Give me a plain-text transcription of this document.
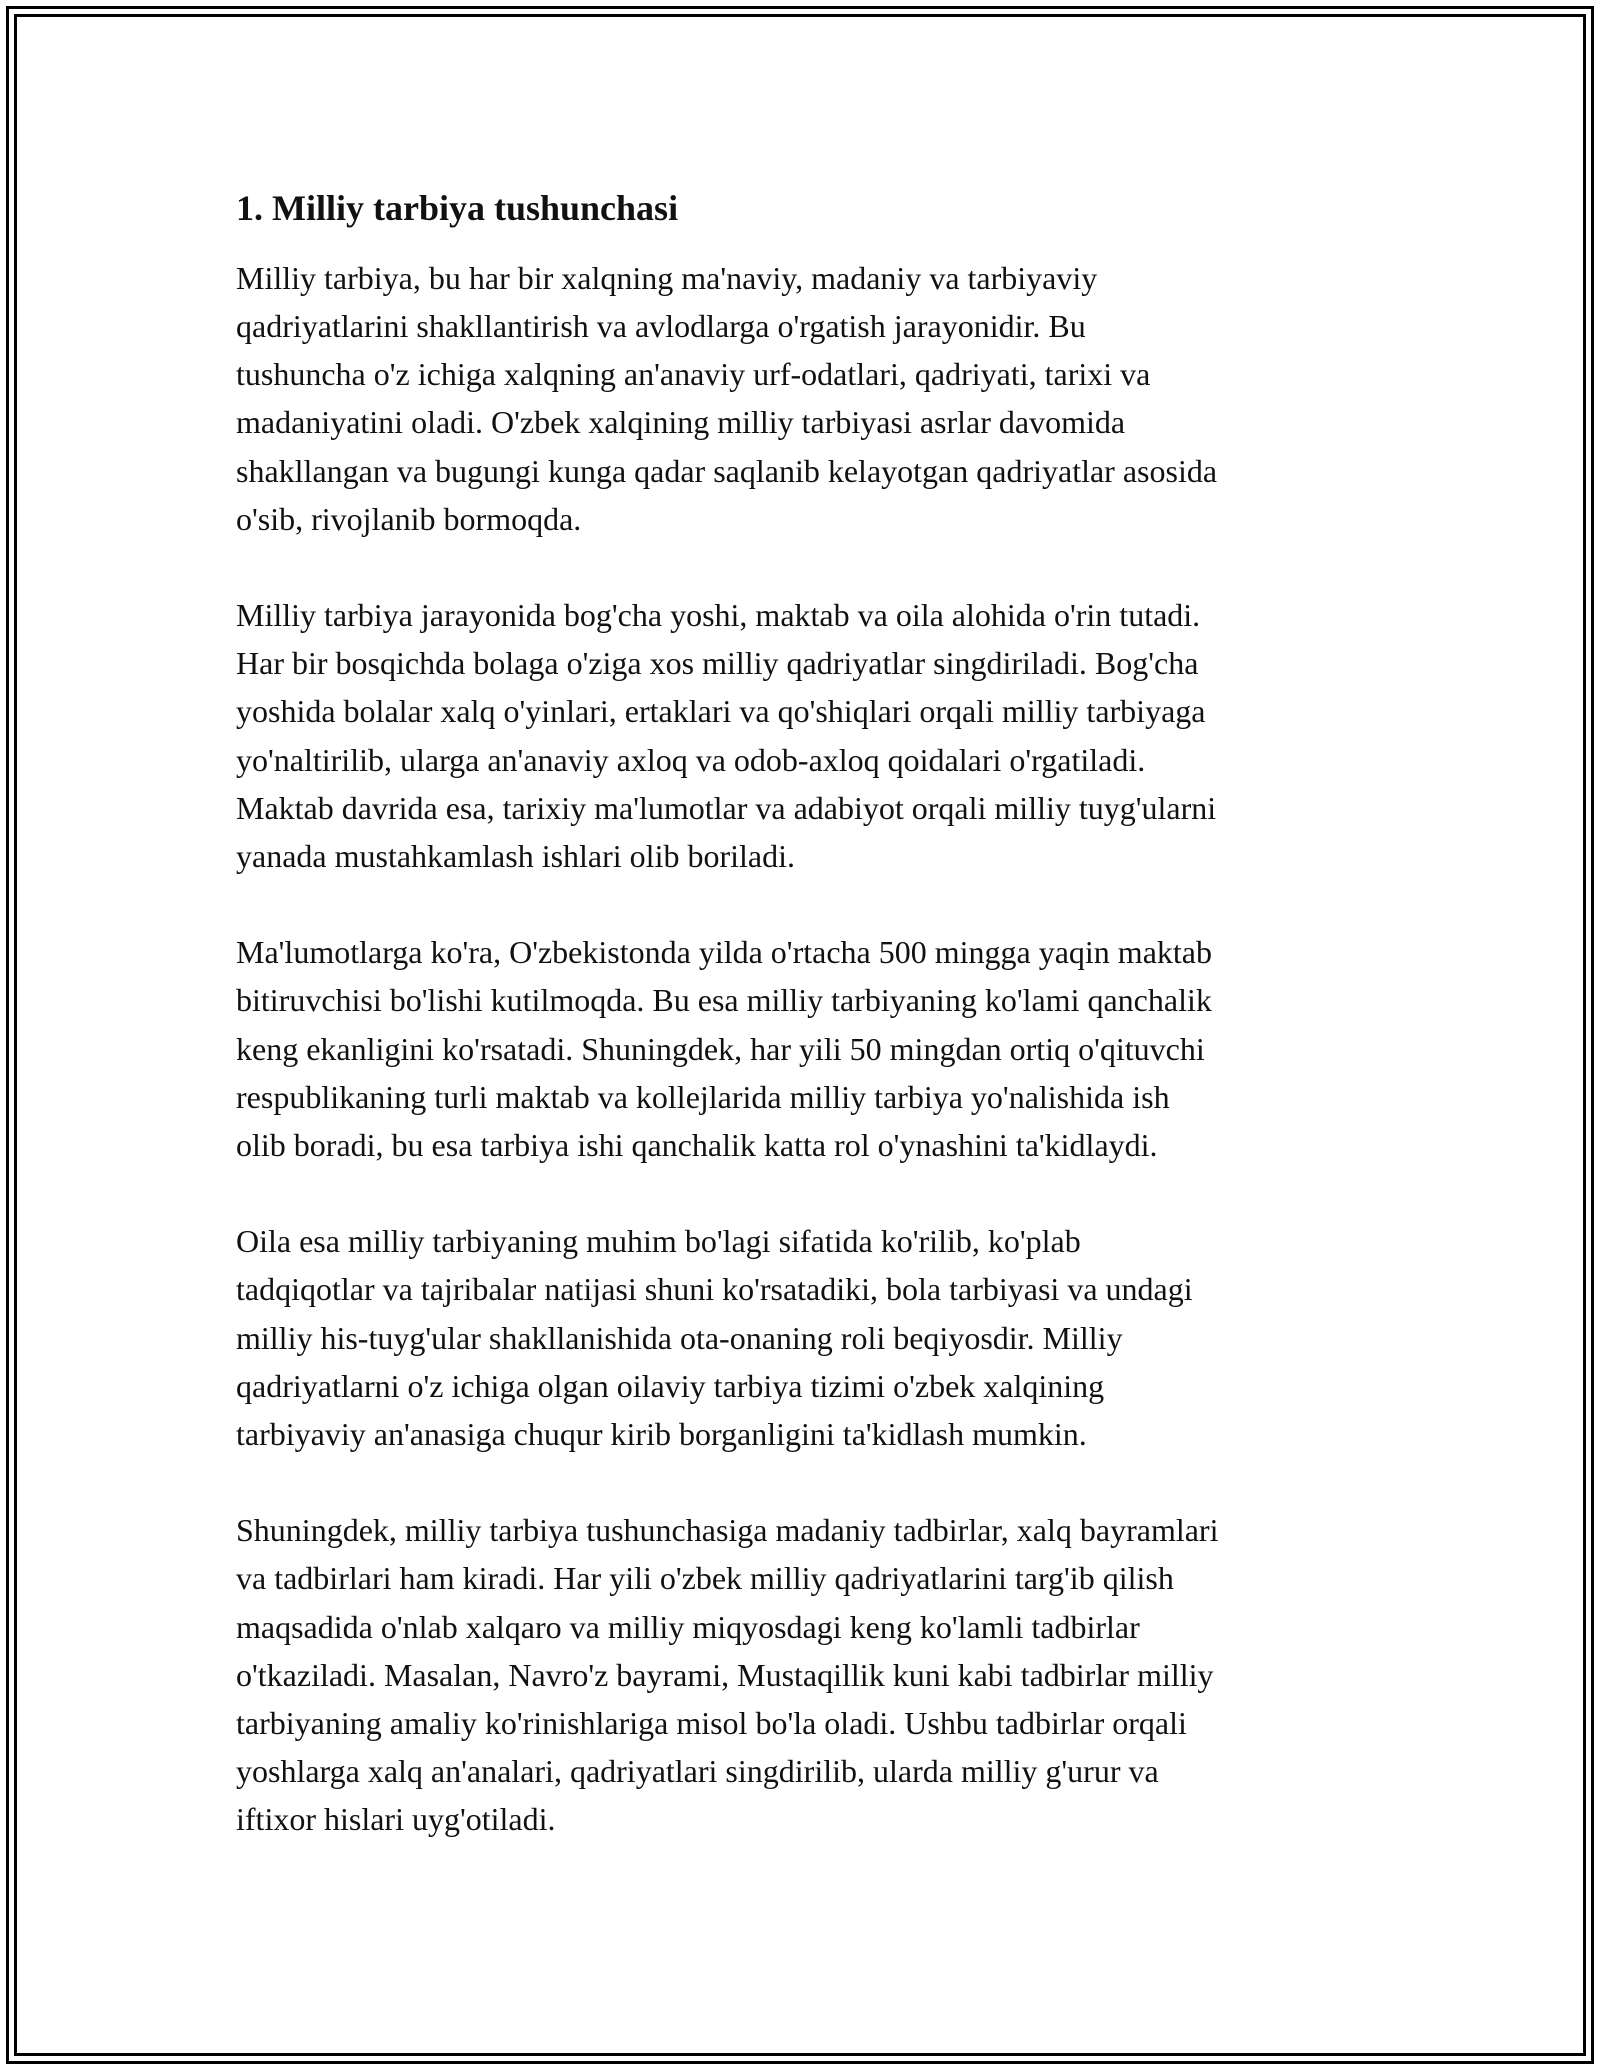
1. Milliy tarbiya tushunchasi

Milliy tarbiya, bu har bir xalqning ma'naviy, madaniy va tarbiyaviy
qadriyatlarini shakllantirish va avlodlarga o'rgatish jarayonidir. Bu
tushuncha o'z ichiga xalqning an'anaviy urf-odatlari, qadriyati, tarixi va
madaniyatini oladi. O'zbek xalqining milliy tarbiyasi asrlar davomida
shakllangan va bugungi kunga qadar saqlanib kelayotgan qadriyatlar asosida
o'sib, rivojlanib bormoqda.

Milliy tarbiya jarayonida bog'cha yoshi, maktab va oila alohida o'rin tutadi.
Har bir bosqichda bolaga o'ziga xos milliy qadriyatlar singdiriladi. Bog'cha
yoshida bolalar xalq o'yinlari, ertaklari va qo'shiqlari orqali milliy tarbiyaga
yo'naltirilib, ularga an'anaviy axloq va odob-axloq qoidalari o'rgatiladi.
Maktab davrida esa, tarixiy ma'lumotlar va adabiyot orqali milliy tuyg'ularni
yanada mustahkamlash ishlari olib boriladi.

Ma'lumotlarga ko'ra, O'zbekistonda yilda o'rtacha 500 mingga yaqin maktab
bitiruvchisi bo'lishi kutilmoqda. Bu esa milliy tarbiyaning ko'lami qanchalik
keng ekanligini ko'rsatadi. Shuningdek, har yili 50 mingdan ortiq o'qituvchi
respublikaning turli maktab va kollejlarida milliy tarbiya yo'nalishida ish
olib boradi, bu esa tarbiya ishi qanchalik katta rol o'ynashini ta'kidlaydi.

Oila esa milliy tarbiyaning muhim bo'lagi sifatida ko'rilib, ko'plab
tadqiqotlar va tajribalar natijasi shuni ko'rsatadiki, bola tarbiyasi va undagi
milliy his-tuyg'ular shakllanishida ota-onaning roli beqiyosdir. Milliy
qadriyatlarni o'z ichiga olgan oilaviy tarbiya tizimi o'zbek xalqining
tarbiyaviy an'anasiga chuqur kirib borganligini ta'kidlash mumkin.

Shuningdek, milliy tarbiya tushunchasiga madaniy tadbirlar, xalq bayramlari
va tadbirlari ham kiradi. Har yili o'zbek milliy qadriyatlarini targ'ib qilish
maqsadida o'nlab xalqaro va milliy miqyosdagi keng ko'lamli tadbirlar
o'tkaziladi. Masalan, Navro'z bayrami, Mustaqillik kuni kabi tadbirlar milliy
tarbiyaning amaliy ko'rinishlariga misol bo'la oladi. Ushbu tadbirlar orqali
yoshlarga xalq an'analari, qadriyatlari singdirilib, ularda milliy g'urur va
iftixor hislari uyg'otiladi.
